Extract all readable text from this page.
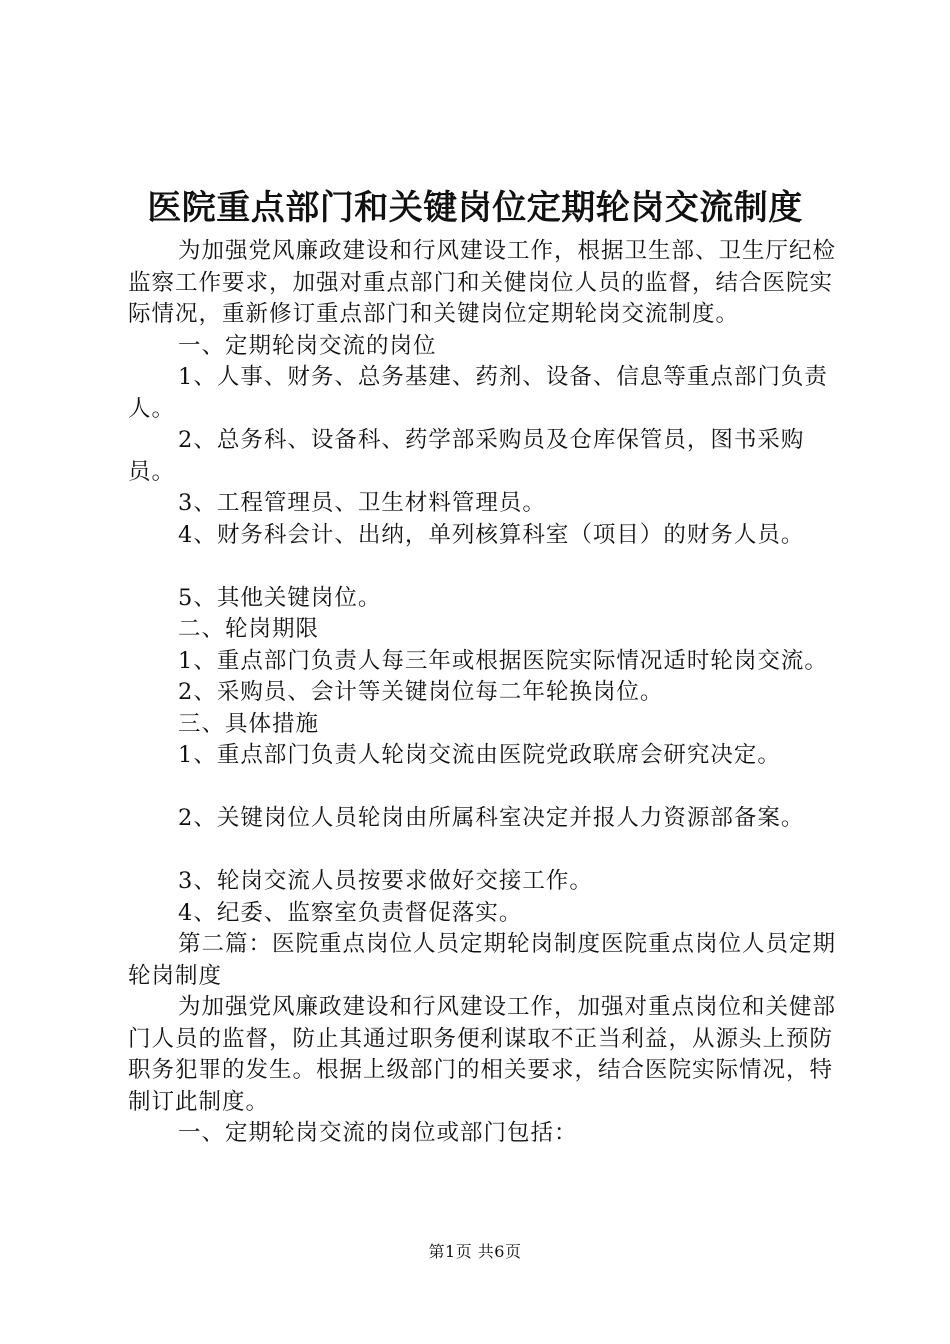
医院重点部门和关键岗位定期轮岗交流制度

为加强党风廉政建设和行风建设工作，根据卫生部、卫生厅纪检监察工作要求，加强对重点部门和关健岗位人员的监督，结合医院实际情况，重新修订重点部门和关键岗位定期轮岗交流制度。

一、定期轮岗交流的岗位

1、人事、财务、总务基建、药剂、设备、信息等重点部门负责人。

2、总务科、设备科、药学部采购员及仓库保管员，图书采购员。

3、工程管理员、卫生材料管理员。

4、财务科会计、出纳，单列核算科室（项目）的财务人员。

5、其他关键岗位。

二、轮岗期限

1、重点部门负责人每三年或根据医院实际情况适时轮岗交流。

2、采购员、会计等关键岗位每二年轮换岗位。

三、具体措施

1、重点部门负责人轮岗交流由医院党政联席会研究决定。

2、关键岗位人员轮岗由所属科室决定并报人力资源部备案。

3、轮岗交流人员按要求做好交接工作。

4、纪委、监察室负责督促落实。

第二篇：医院重点岗位人员定期轮岗制度医院重点岗位人员定期轮岗制度

为加强党风廉政建设和行风建设工作，加强对重点岗位和关健部门人员的监督，防止其通过职务便利谋取不正当利益，从源头上预防职务犯罪的发生。根据上级部门的相关要求，结合医院实际情况，特制订此制度。

一、定期轮岗交流的岗位或部门包括：

第1页 共6页
